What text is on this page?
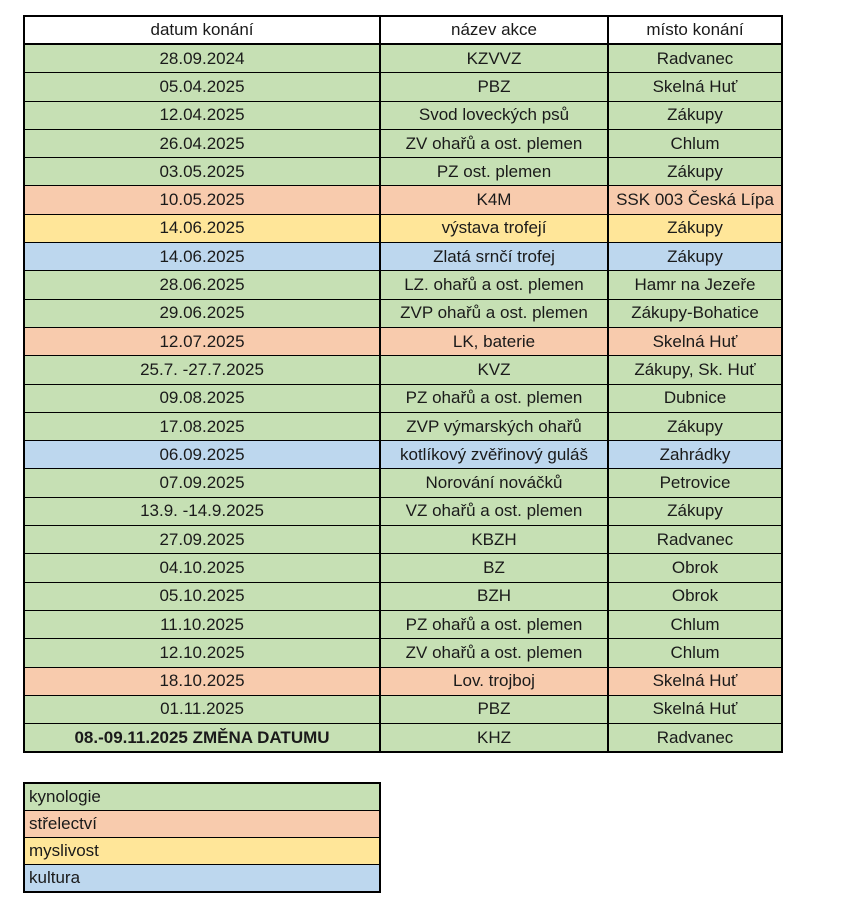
datum konání	název akce	místo konání
28.09.2024	KZVVZ	Radvanec
05.04.2025	PBZ	Skelná Huť
12.04.2025	Svod loveckých psů	Zákupy
26.04.2025	ZV ohařů a ost. plemen	Chlum
03.05.2025	PZ ost. plemen	Zákupy
10.05.2025	K4M	SSK 003 Česká Lípa
14.06.2025	výstava trofejí	Zákupy
14.06.2025	Zlatá srnčí trofej	Zákupy
28.06.2025	LZ. ohařů a ost. plemen	Hamr na Jezeře
29.06.2025	ZVP ohařů a ost. plemen	Zákupy-Bohatice
12.07.2025	LK, baterie	Skelná Huť
25.7. -27.7.2025	KVZ	Zákupy, Sk. Huť
09.08.2025	PZ ohařů a ost. plemen	Dubnice
17.08.2025	ZVP výmarských ohařů	Zákupy
06.09.2025	kotlíkový zvěřinový guláš	Zahrádky
07.09.2025	Norování nováčků	Petrovice
13.9. -14.9.2025	VZ ohařů a ost. plemen	Zákupy
27.09.2025	KBZH	Radvanec
04.10.2025	BZ	Obrok
05.10.2025	BZH	Obrok
11.10.2025	PZ ohařů a ost. plemen	Chlum
12.10.2025	ZV ohařů a ost. plemen	Chlum
18.10.2025	Lov. trojboj	Skelná Huť
01.11.2025	PBZ	Skelná Huť
08.-09.11.2025 ZMĚNA DATUMU	KHZ	Radvanec
kynologie
střelectví
myslivost
kultura
